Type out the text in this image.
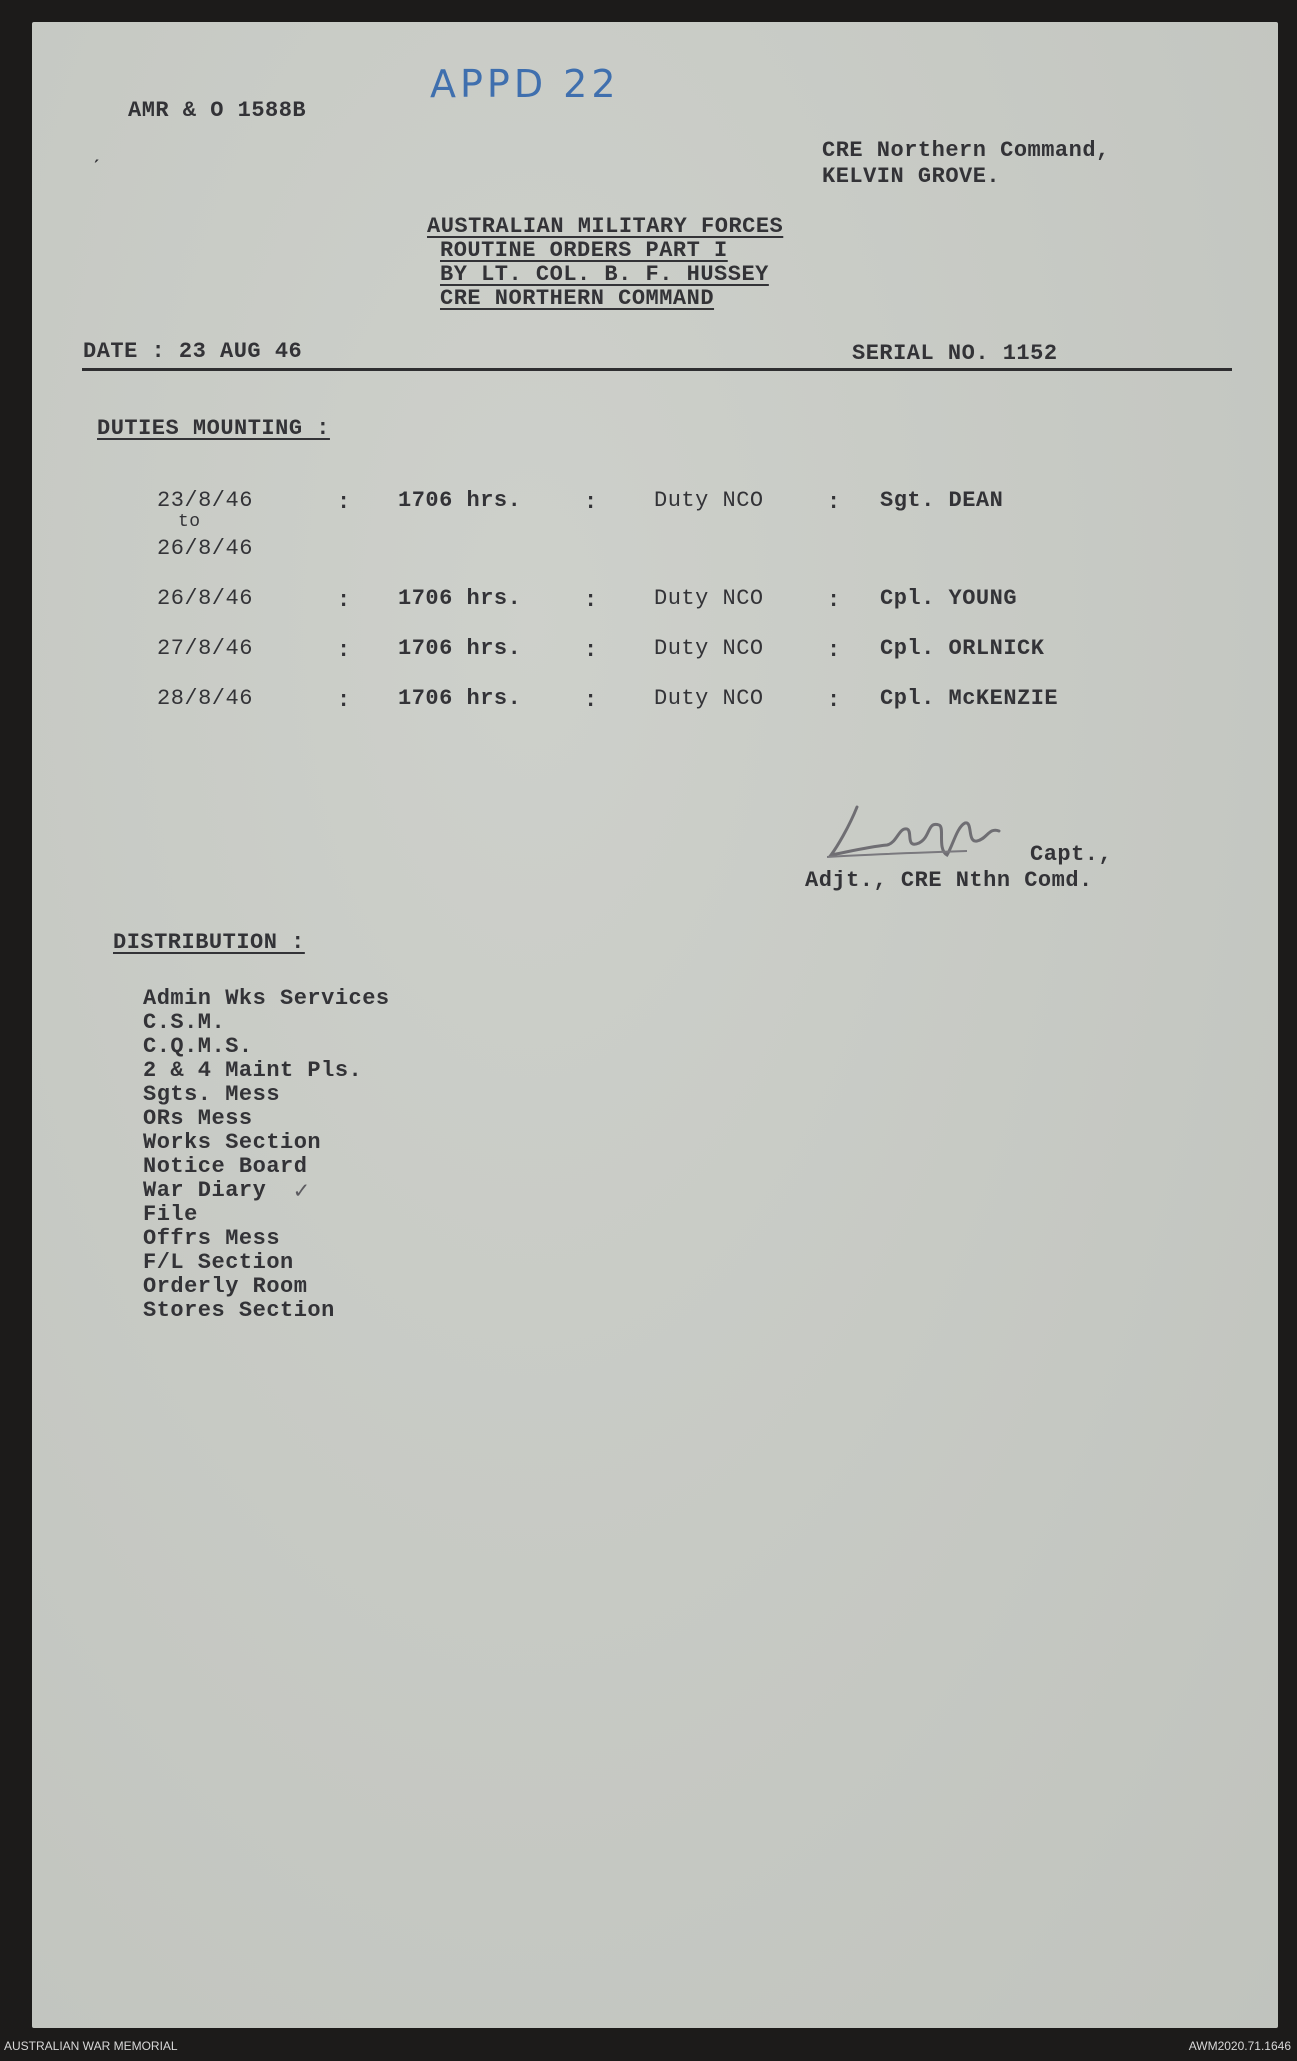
APPD 22
AMR & O 1588B
ˏ	CRE Northern Command,
KELVIN GROVE.
AUSTRALIAN MILITARY FORCES
ROUTINE ORDERS PART I
BY LT. COL. B. F. HUSSEY
CRE NORTHERN COMMAND
DATE : 23 AUG 46	SERIAL NO. 1152
DUTIES MOUNTING :
23/8/46
to
26/8/46
: 1706 hrs.	:	Duty NCO	: Sgt. DEAN
26/8/46	: 1706 hrs.	:	Duty NCO	: Cpl. YOUNG
27/8/46	: 1706 hrs.	:	Duty NCO	: Cpl. ORLNICK
28/8/46	: 1706 hrs.	:	Duty NCO	: Cpl. McKENZIE
Capt.,
Adjt., CRE Nthn Comd.
DISTRIBUTION :
Admin Wks Services
C.S.M.
C.Q.M.S.
2 & 4 Maint Pls.
Sgts. Mess
ORs Mess
Works Section
Notice Board
War Diary
File
Offrs Mess
F/L Section
Orderly Room
Stores Section
✓
AUSTRALIAN WAR MEMORIAL	AWM2020.71.1646
